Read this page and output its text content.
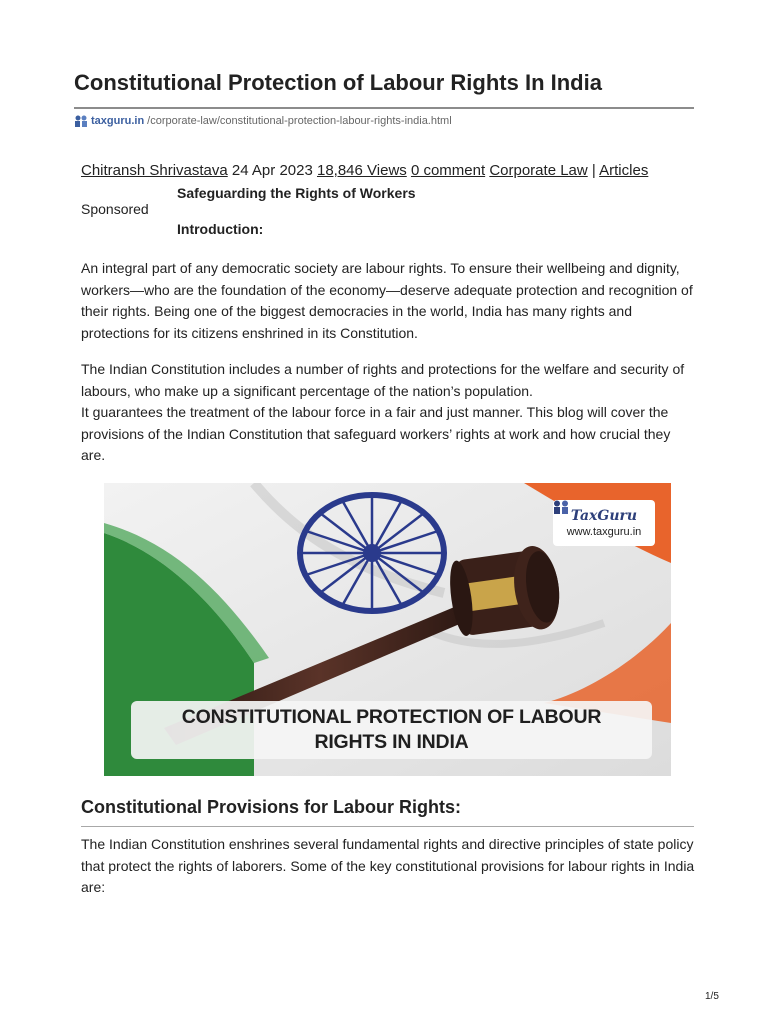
Constitutional Protection of Labour Rights In India
taxguru.in /corporate-law/constitutional-protection-labour-rights-india.html
Chitransh Shrivastava 24 Apr 2023 18,846 Views 0 comment Corporate Law | Articles
Safeguarding the Rights of Workers
Sponsored
Introduction:

An integral part of any democratic society are labour rights. To ensure their wellbeing and dignity, workers—who are the foundation of the economy—deserve adequate protection and recognition of their rights. Being one of the biggest democracies in the world, India has many rights and protections for its citizens enshrined in its Constitution.

The Indian Constitution includes a number of rights and protections for the welfare and security of labours, who make up a significant percentage of the nation’s population.
It guarantees the treatment of the labour force in a fair and just manner. This blog will cover the provisions of the Indian Constitution that safeguard workers’ rights at work and how crucial they are.
TaxGuru
www.taxguru.in
CONSTITUTIONAL PROTECTION OF LABOUR
RIGHTS IN INDIA
Constitutional Provisions for Labour Rights:

The Indian Constitution enshrines several fundamental rights and directive principles of state policy that protect the rights of laborers. Some of the key constitutional provisions for labour rights in India are:

1/5
